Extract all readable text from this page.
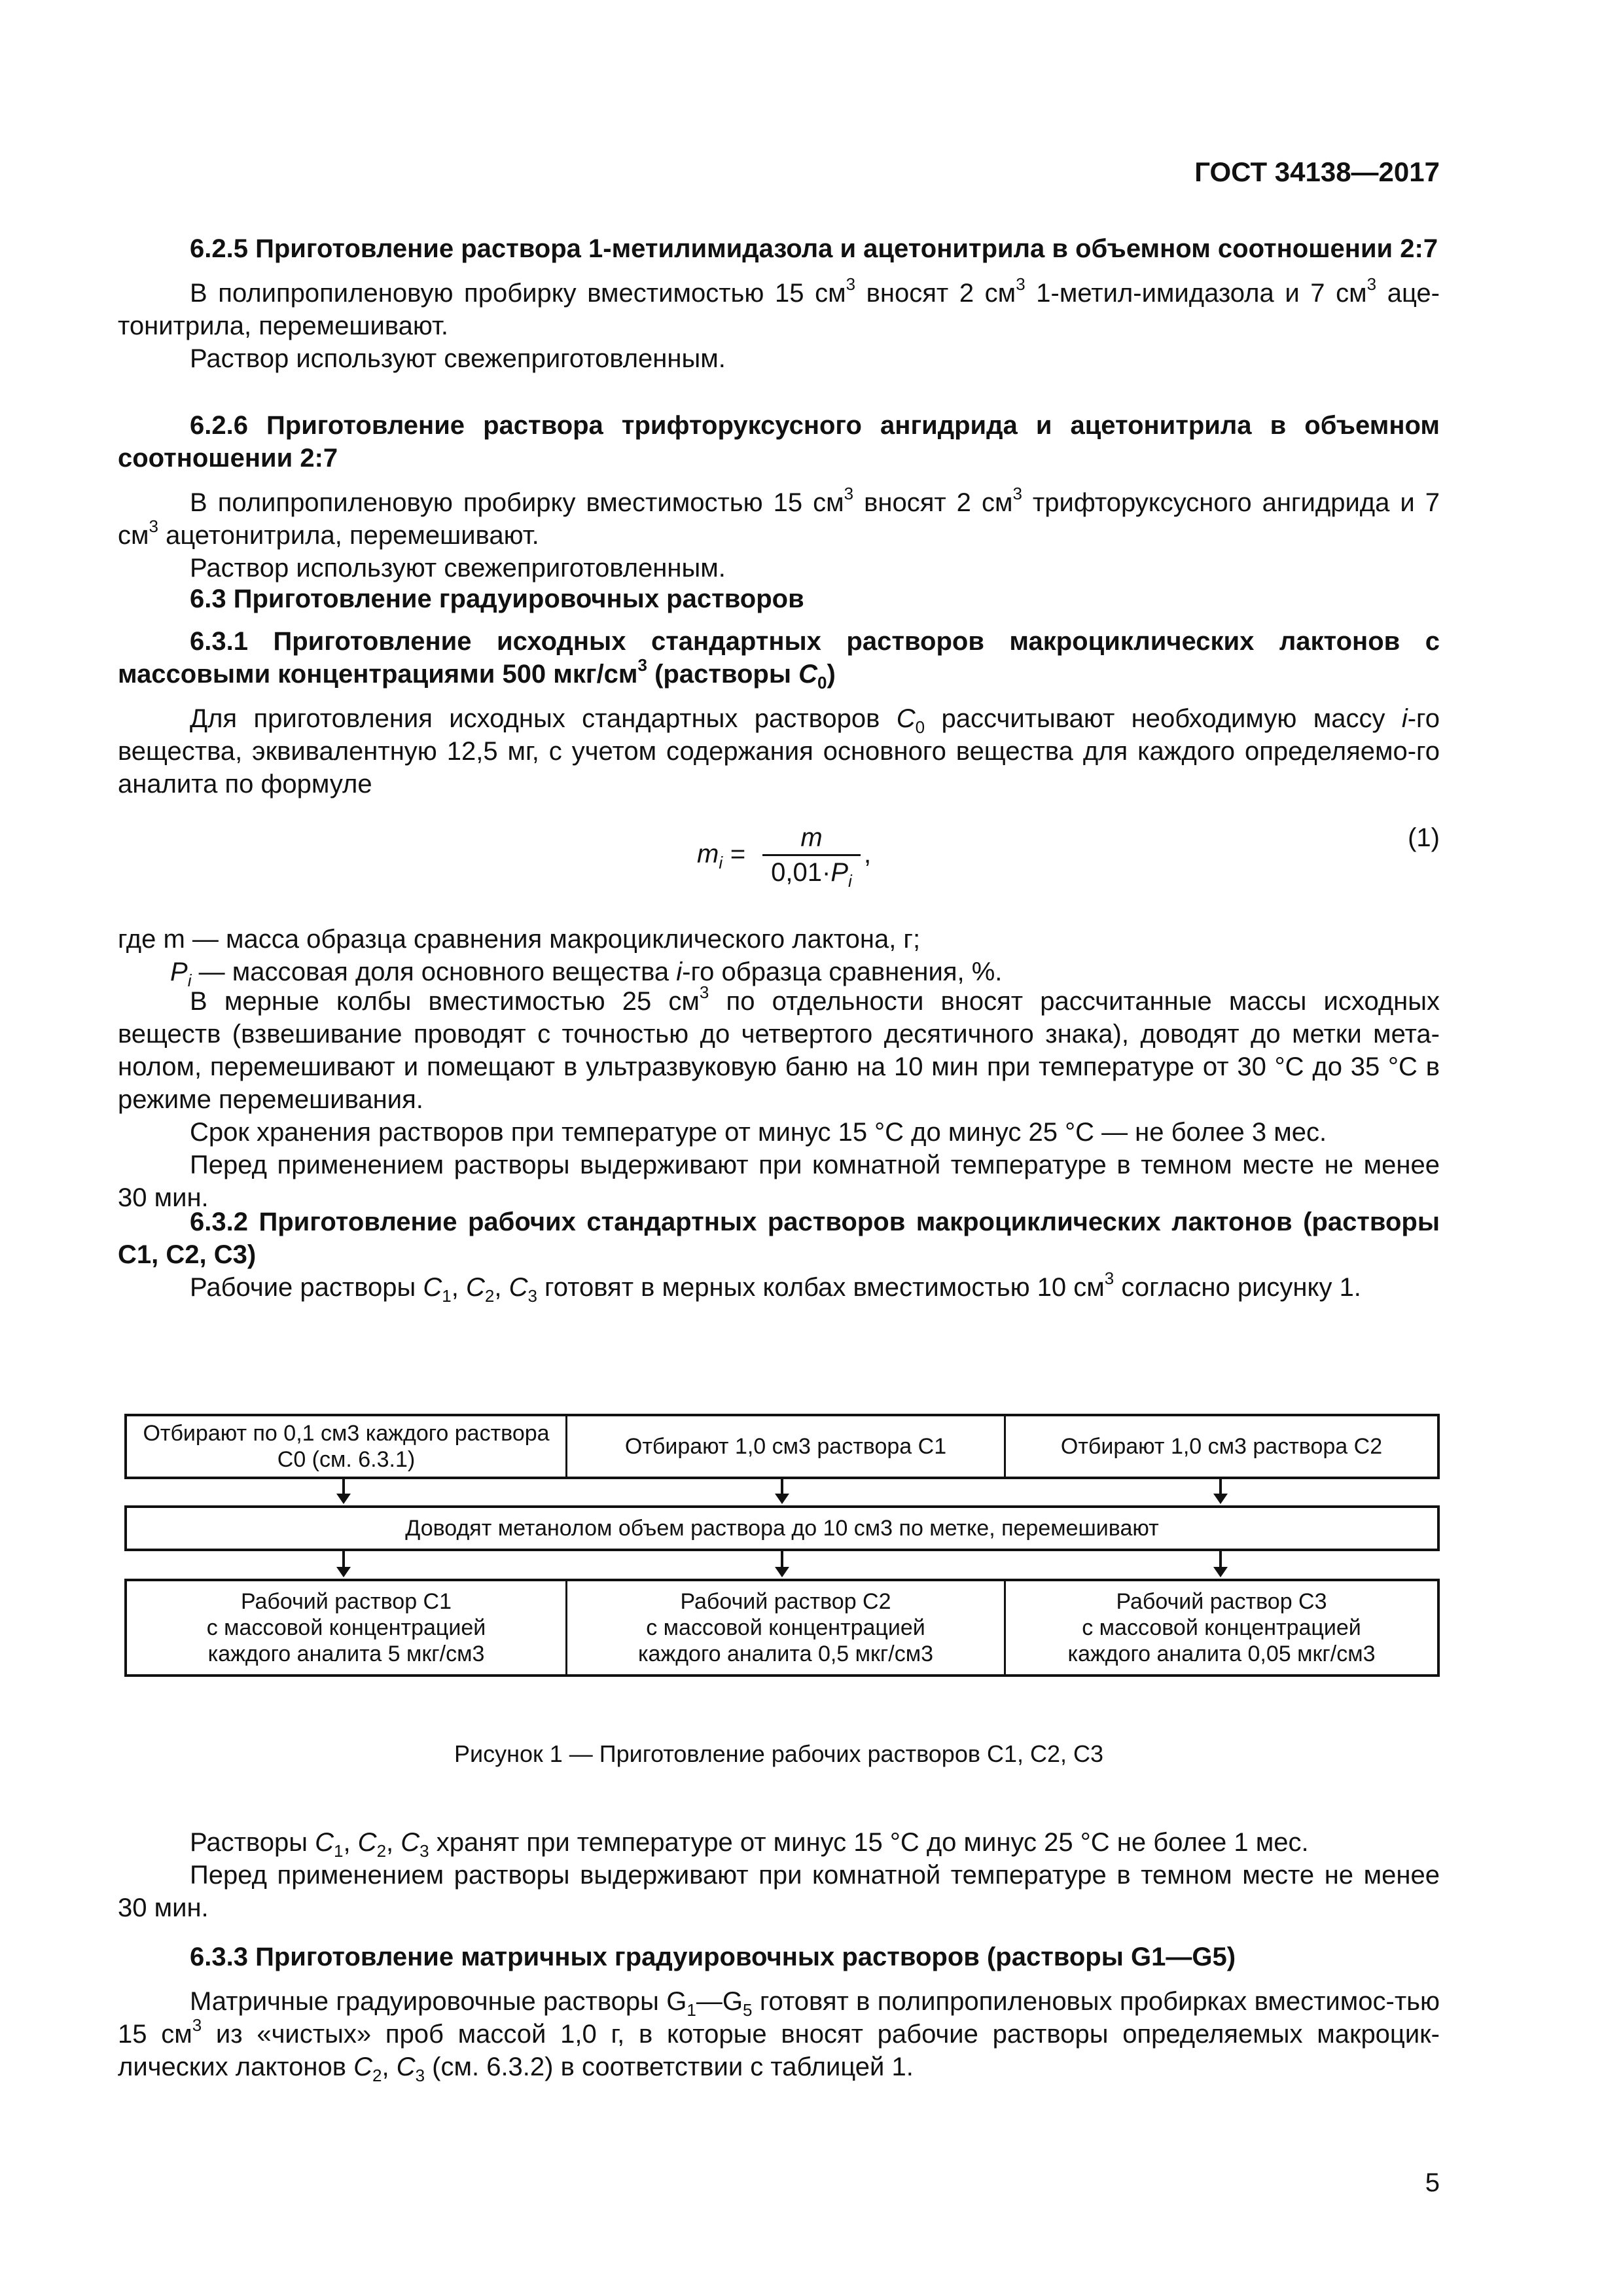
ГОСТ 34138—2017

6.2.5 Приготовление раствора 1-метилимидазола и ацетонитрила в объемном соотношении 2:7

В полипропиленовую пробирку вместимостью 15 $см^3$ вносят 2 $см^3$ 1-метил-имидазола и 7 $см^3$ аце-тонитрила, перемешивают.

Раствор используют свежеприготовленным.

6.2.6 Приготовление раствора трифторуксусного ангидрида и ацетонитрила в объемном соотношении 2:7

В полипропиленовую пробирку вместимостью 15 $см^3$ вносят 2 $см^3$ трифторуксусного ангидрида и 7 $см^3$ ацетонитрила, перемешивают.

Раствор используют свежеприготовленным.

6.3 Приготовление градуировочных растворов

6.3.1 Приготовление исходных стандартных растворов макроциклических лактонов с массовыми концентрациями 500 мкг/$см^3$ (растворы $C_0$)

Для приготовления исходных стандартных растворов $C_0$ рассчитывают необходимую массу i-го вещества, эквивалентную 12,5 мг, с учетом содержания основного вещества для каждого определяемо-го аналита по формуле

$m_i$ =
m
$0,01\cdot P_i$
,
(1)

где m — масса образца сравнения макроциклического лактона, г;

$P_i$ — массовая доля основного вещества i-го образца сравнения, %.

В мерные колбы вместимостью 25 $см^3$ по отдельности вносят рассчитанные массы исходных веществ (взвешивание проводят с точностью до четвертого десятичного знака), доводят до метки мета-нолом, перемешивают и помещают в ультразвуковую баню на 10 мин при температуре от 30 °С до 35 °С в режиме перемешивания.

Срок хранения растворов при температуре от минус 15 °С до минус 25 °С — не более 3 мес.

Перед применением растворы выдерживают при комнатной температуре в темном месте не менее 30 мин.

6.3.2 Приготовление рабочих стандартных растворов макроциклических лактонов (растворы C1, C2, C3)

Рабочие растворы $C_1$, $C_2$, $C_3$ готовят в мерных колбах вместимостью 10 $см^3$ согласно рисунку 1.

Отбирают по 0,1 см3 каждого раствора C0 (см. 6.3.1)
Отбирают 1,0 см3 раствора C1	Отбирают 1,0 см3 раствора C2
Доводят метанолом объем раствора до 10 см3 по метке, перемешивают
Рабочий раствор C1
с массовой концентрацией
каждого аналита 5 мкг/см3
Рабочий раствор C2
с массовой концентрацией
каждого аналита 0,5 мкг/см3
Рабочий раствор C3
с массовой концентрацией
каждого аналита 0,05 мкг/см3
Рисунок 1 — Приготовление рабочих растворов C1, C2, C3

Растворы $C_1$, $C_2$, $C_3$ хранят при температуре от минус 15 °С до минус 25 °С не более 1 мес.

Перед применением растворы выдерживают при комнатной температуре в темном месте не менее 30 мин.

6.3.3 Приготовление матричных градуировочных растворов (растворы G1—G5)

Матричные градуировочные растворы $G_1—G_5$ готовят в полипропиленовых пробирках вместимос-тью 15 $см^3$ из «чистых» проб массой 1,0 г, в которые вносят рабочие растворы определяемых макроцик-лических лактонов $C_2$, $C_3$ (см. 6.3.2) в соответствии с таблицей 1.

5
